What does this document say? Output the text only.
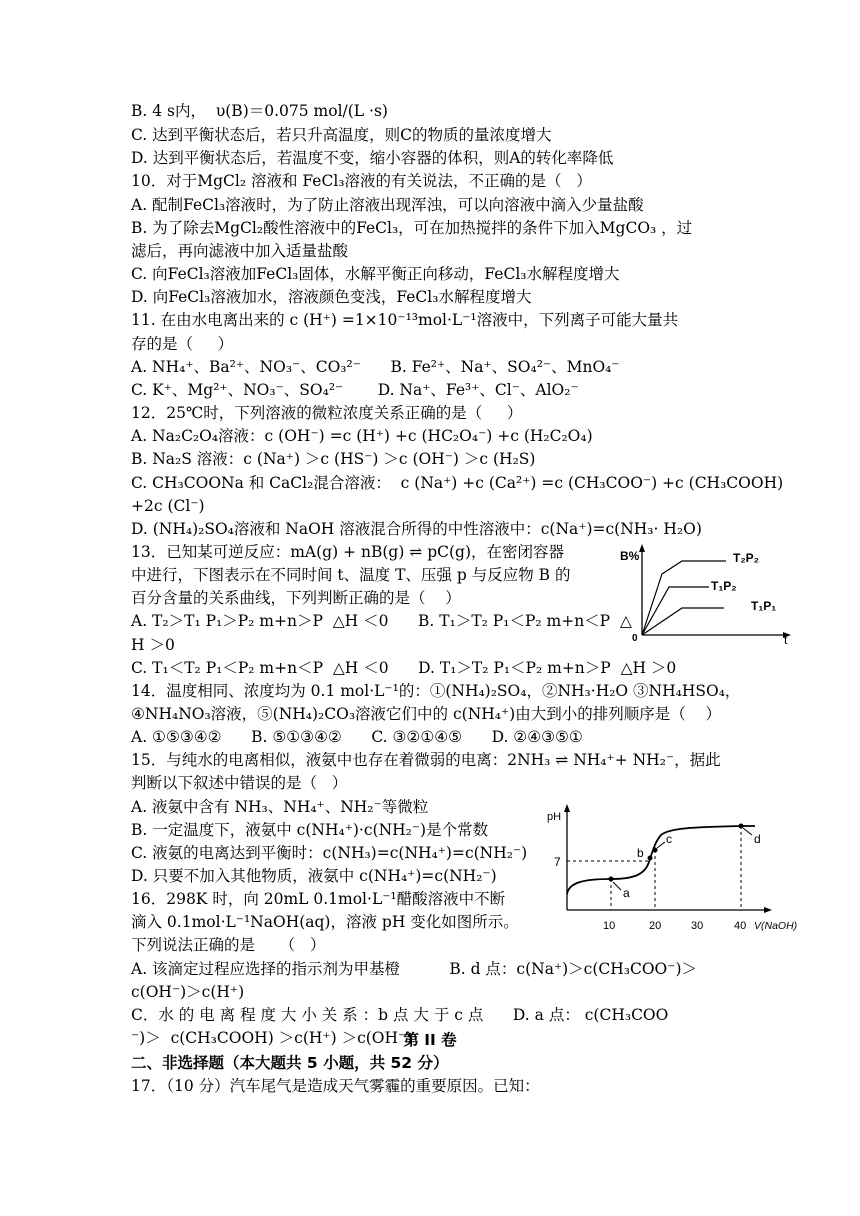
B. 4 s内，  υ(B)＝0.075 mol/(L ·s)
C. 达到平衡状态后，若只升高温度，则C的物质的量浓度增大
D. 达到平衡状态后，若温度不变，缩小容器的体积，则A的转化率降低
10．对于MgCl₂ 溶液和 FeCl₃溶液的有关说法，不正确的是（   ）
A. 配制FeCl₃溶液时，为了防止溶液出现浑浊，可以向溶液中滴入少量盐酸
B. 为了除去MgCl₂酸性溶液中的FeCl₃，可在加热搅拌的条件下加入MgCO₃ ，过
滤后，再向滤液中加入适量盐酸
C. 向FeCl₃溶液加FeCl₃固体，水解平衡正向移动，FeCl₃水解程度增大
D. 向FeCl₃溶液加水，溶液颜色变浅，FeCl₃水解程度增大
11. 在由水电离出来的 c (H⁺) =1×10⁻¹³mol·L⁻¹溶液中，下列离子可能大量共
存的是（     ）
A. NH₄⁺、Ba²⁺、NO₃⁻、CO₃²⁻      B. Fe²⁺、Na⁺、SO₄²⁻、MnO₄⁻
C. K⁺、Mg²⁺、NO₃⁻、SO₄²⁻       D. Na⁺、Fe³⁺、Cl⁻、AlO₂⁻
12．25℃时，下列溶液的微粒浓度关系正确的是（     ）
A. Na₂C₂O₄溶液：c (OH⁻) =c (H⁺) +c (HC₂O₄⁻) +c (H₂C₂O₄)
B. Na₂S 溶液：c (Na⁺) ＞c (HS⁻) ＞c (OH⁻) ＞c (H₂S)
C. CH₃COONa 和 CaCl₂混合溶液：  c (Na⁺) +c (Ca²⁺) =c (CH₃COO⁻) +c (CH₃COOH)
+2c (Cl⁻)
D. (NH₄)₂SO₄溶液和 NaOH 溶液混合所得的中性溶液中：c(Na⁺)=c(NH₃· H₂O)
13．已知某可逆反应：mA(g) + nB(g) ⇌ pC(g)，在密闭容器
中进行，下图表示在不同时间 t、温度 T、压强 p 与反应物 B 的
百分含量的关系曲线，下列判断正确的是（    ）
A. T₂＞T₁ P₁＞P₂ m+n＞P  △H ＜0      B. T₁＞T₂ P₁＜P₂ m+n＜P  △
H ＞0
C. T₁＜T₂ P₁＜P₂ m+n＜P  △H ＜0      D. T₁＞T₂ P₁＜P₂ m+n＞P  △H ＞0
14．温度相同、浓度均为 0.1 mol·L⁻¹的：①(NH₄)₂SO₄，②NH₃·H₂O ③NH₄HSO₄，
④NH₄NO₃溶液，⑤(NH₄)₂CO₃溶液它们中的 c(NH₄⁺)由大到小的排列顺序是（    ）
A. ①⑤③④②      B. ⑤①③④②      C. ③②①④⑤      D. ②④③⑤①
15．与纯水的电离相似，液氨中也存在着微弱的电离：2NH₃ ⇌ NH₄⁺+ NH₂⁻，据此
判断以下叙述中错误的是（   ）
A. 液氨中含有 NH₃、NH₄⁺、NH₂⁻等微粒
B. 一定温度下，液氨中 c(NH₄⁺)·c(NH₂⁻)是个常数
C. 液氨的电离达到平衡时：c(NH₃)=c(NH₄⁺)=c(NH₂⁻)
D. 只要不加入其他物质，液氨中 c(NH₄⁺)=c(NH₂⁻)
16．298K 时，向 20mL 0.1mol·L⁻¹醋酸溶液中不断
滴入 0.1mol·L⁻¹NaOH(aq)，溶液 pH 变化如图所示。
下列说法正确的是     （   ）
A. 该滴定过程应选择的指示剂为甲基橙          B. d 点：c(Na⁺)＞c(CH₃COO⁻)＞
c(OH⁻)＞c(H⁺)
C．水 的 电 离 程 度 大 小 关 系 ：b 点 大 于 c 点      D. a 点： c(CH₃COO
⁻)＞  c(CH₃COOH) ＞c(H⁺) ＞c(OH⁻)
第 II 卷
二、非选择题（本大题共 5 小题，共 52 分）
17．（10 分）汽车尾气是造成天气雾霾的重要原因。已知：
B%
t
0
T₂P₂
T₁P₂
T₁P₁
pH
V(NaOH)
7
10	20	30	40
a
b
c	d
